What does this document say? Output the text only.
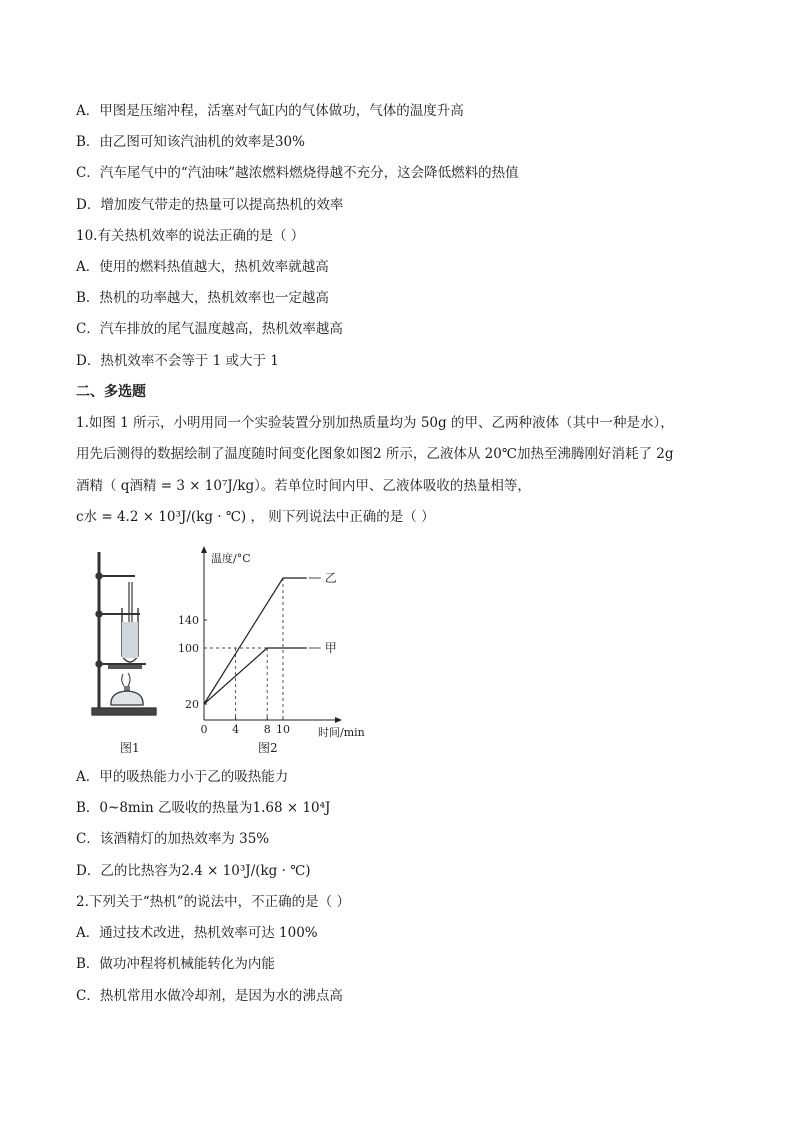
A．甲图是压缩冲程，活塞对气缸内的气体做功，气体的温度升高
B．由乙图可知该汽油机的效率是30%
C．汽车尾气中的“汽油味”越浓燃料燃烧得越不充分，这会降低燃料的热值
D．增加废气带走的热量可以提高热机的效率
10.有关热机效率的说法正确的是（ ）
A．使用的燃料热值越大，热机效率就越高
B．热机的功率越大，热机效率也一定越高
C．汽车排放的尾气温度越高，热机效率越高
D．热机效率不会等于 1 或大于 1
二、多选题
1.如图 1 所示，小明用同一个实验装置分别加热质量均为 50g 的甲、乙两种液体（其中一种是水），
用先后测得的数据绘制了温度随时间变化图象如图2 所示，乙液体从 20℃加热至沸腾刚好消耗了 2g
酒精（ q酒精 = 3 × 10⁷J/kg）。若单位时间内甲、乙液体吸收的热量相等，
c水 = 4.2 × 10³J/(kg · ℃) ， 则下列说法中正确的是（ ）
图1
温度/°C
时间/min
0 4 8 10
20
100
140
乙
甲
图2
A．甲的吸热能力小于乙的吸热能力
B．0~8min 乙吸收的热量为1.68 × 10⁴J
C．该酒精灯的加热效率为 35%
D．乙的比热容为2.4 × 10³J/(kg · ℃)
2.下列关于“热机”的说法中，不正确的是（ ）
A．通过技术改进，热机效率可达 100%
B．做功冲程将机械能转化为内能
C．热机常用水做冷却剂，是因为水的沸点高
